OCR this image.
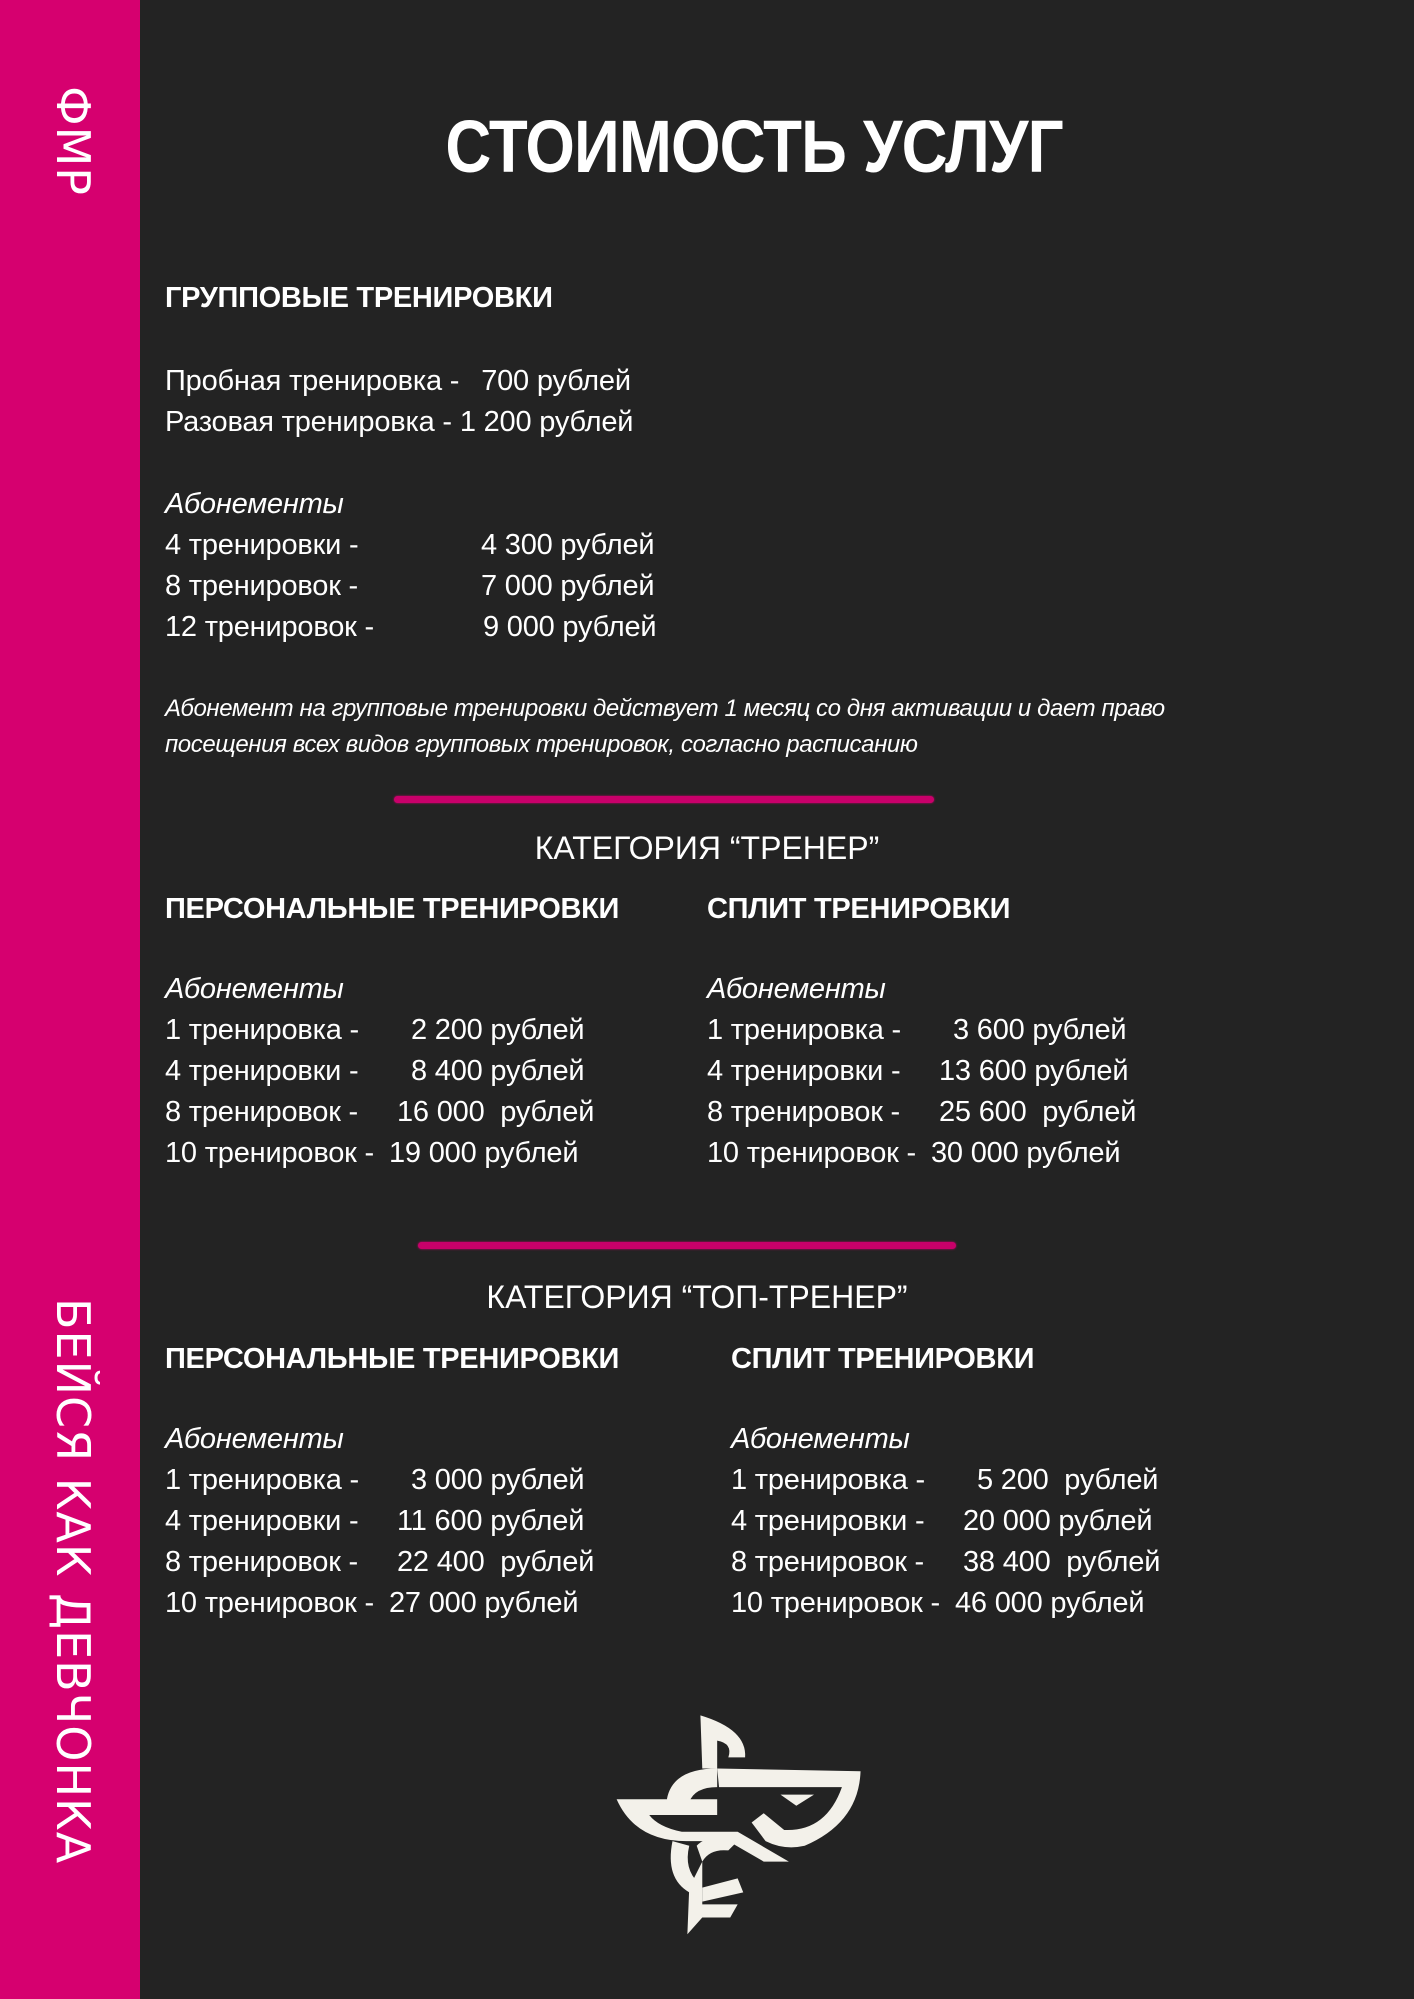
ФМР
БЕЙСЯ КАК ДЕВЧОНКА
СТОИМОСТЬ УСЛУГ
ГРУППОВЫЕ ТРЕНИРОВКИ
Пробная тренировка - 700 рублей
Разовая тренировка - 1 200 рублей
Абонементы
4 тренировки -	4 300 рублей
8 тренировок -	7 000 рублей
12 тренировок -	9 000 рублей
Абонемент на групповые тренировки действует 1 месяц со дня активации и дает право
посещения всех видов групповых тренировок, согласно расписанию
КАТЕГОРИЯ “ТРЕНЕР”
ПЕРСОНАЛЬНЫЕ ТРЕНИРОВКИ
Абонементы
1 тренировка -	2 200 рублей
4 тренировки -	8 400 рублей
8 тренировок -	16 000  рублей
10 тренировок - 19 000 рублей
СПЛИТ ТРЕНИРОВКИ
Абонементы
1 тренировка -	3 600 рублей
4 тренировки -	13 600 рублей
8 тренировок -	25 600  рублей
10 тренировок - 30 000 рублей
КАТЕГОРИЯ “ТОП-ТРЕНЕР”
ПЕРСОНАЛЬНЫЕ ТРЕНИРОВКИ
Абонементы
1 тренировка -	3 000 рублей
4 тренировки -	11 600 рублей
8 тренировок -	22 400  рублей
10 тренировок - 27 000 рублей
СПЛИТ ТРЕНИРОВКИ
Абонементы
1 тренировка -	5 200  рублей
4 тренировки -	20 000 рублей
8 тренировок -	38 400  рублей
10 тренировок - 46 000 рублей
